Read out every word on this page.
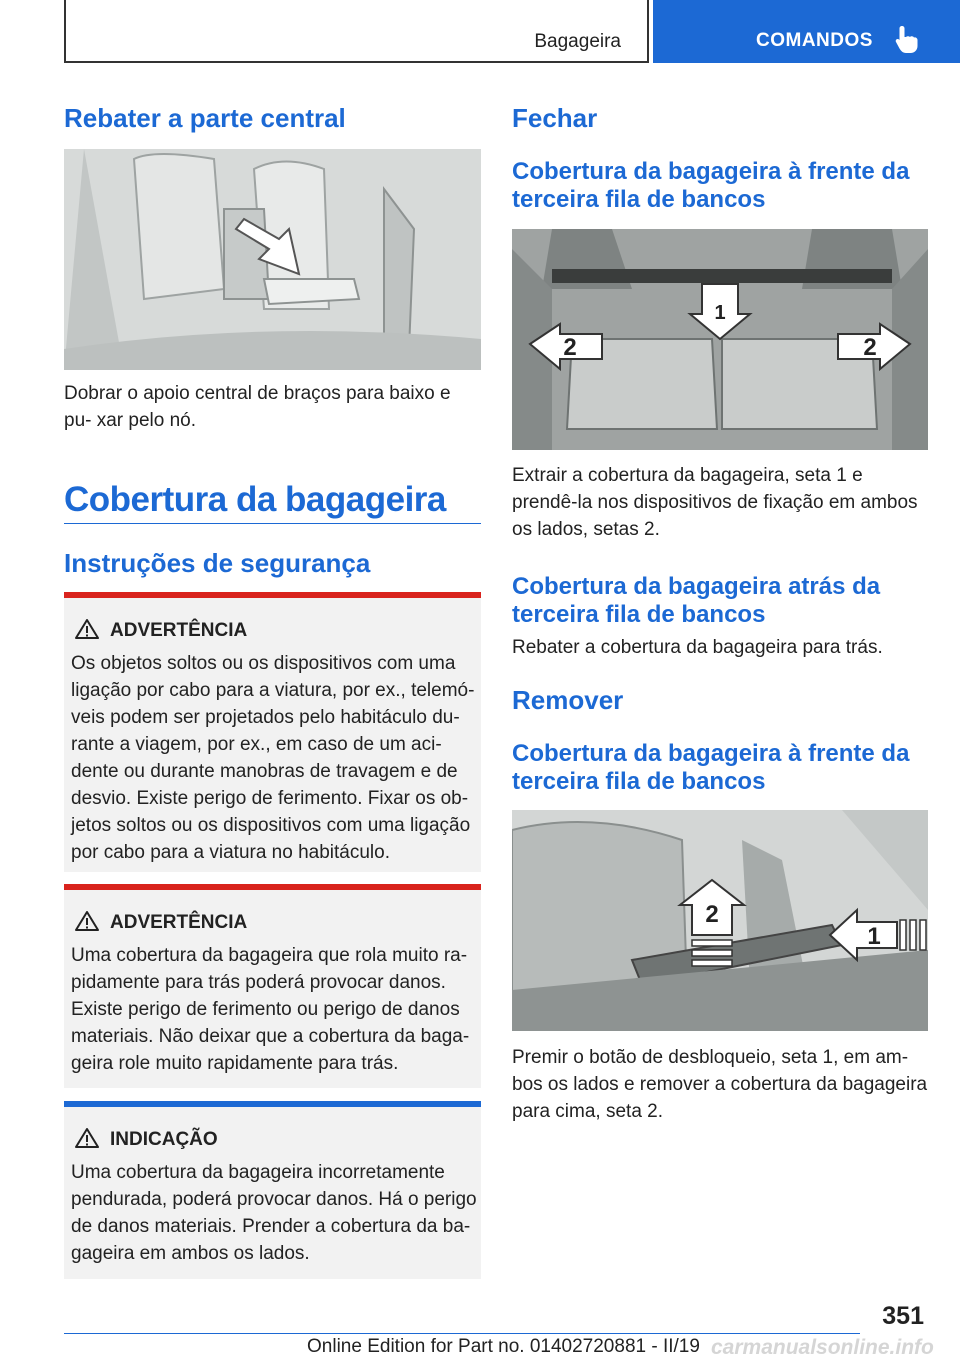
Bagageira	COMANDOS
Rebater a parte central

Dobrar o apoio central de braços para baixo e pu‐ xar pelo nó.

Cobertura da bagageira
Instruções de segurança
ADVERTÊNCIA

Os objetos soltos ou os dispositivos com uma ligação por cabo para a viatura, por ex., telemó‐ veis podem ser projetados pelo habitáculo du‐ rante a viagem, por ex., em caso de um aci‐ dente ou durante manobras de travagem e de desvio. Existe perigo de ferimento. Fixar os ob‐ jetos soltos ou os dispositivos com uma ligação por cabo para a viatura no habitáculo.

ADVERTÊNCIA

Uma cobertura da bagageira que rola muito ra‐ pidamente para trás poderá provocar danos. Existe perigo de ferimento ou perigo de danos materiais. Não deixar que a cobertura da baga‐ geira role muito rapidamente para trás.

INDICAÇÃO

Uma cobertura da bagageira incorretamente pendurada, poderá provocar danos. Há o perigo de danos materiais. Prender a cobertura da ba‐ gageira em ambos os lados.

Fechar
Cobertura da bagageira à frente da terceira fila de bancos
1
2	2

Extrair a cobertura da bagageira, seta 1 e prendê-la nos dispositivos de fixação em ambos os lados, setas 2.

Cobertura da bagageira atrás da terceira fila de bancos

Rebater a cobertura da bagageira para trás.

Remover
Cobertura da bagageira à frente da terceira fila de bancos
2
1

Premir o botão de desbloqueio, seta 1, em am‐ bos os lados e remover a cobertura da bagageira para cima, seta 2.

351
Online Edition for Part no. 01402720881 - II/19 carmanualsonline.info
